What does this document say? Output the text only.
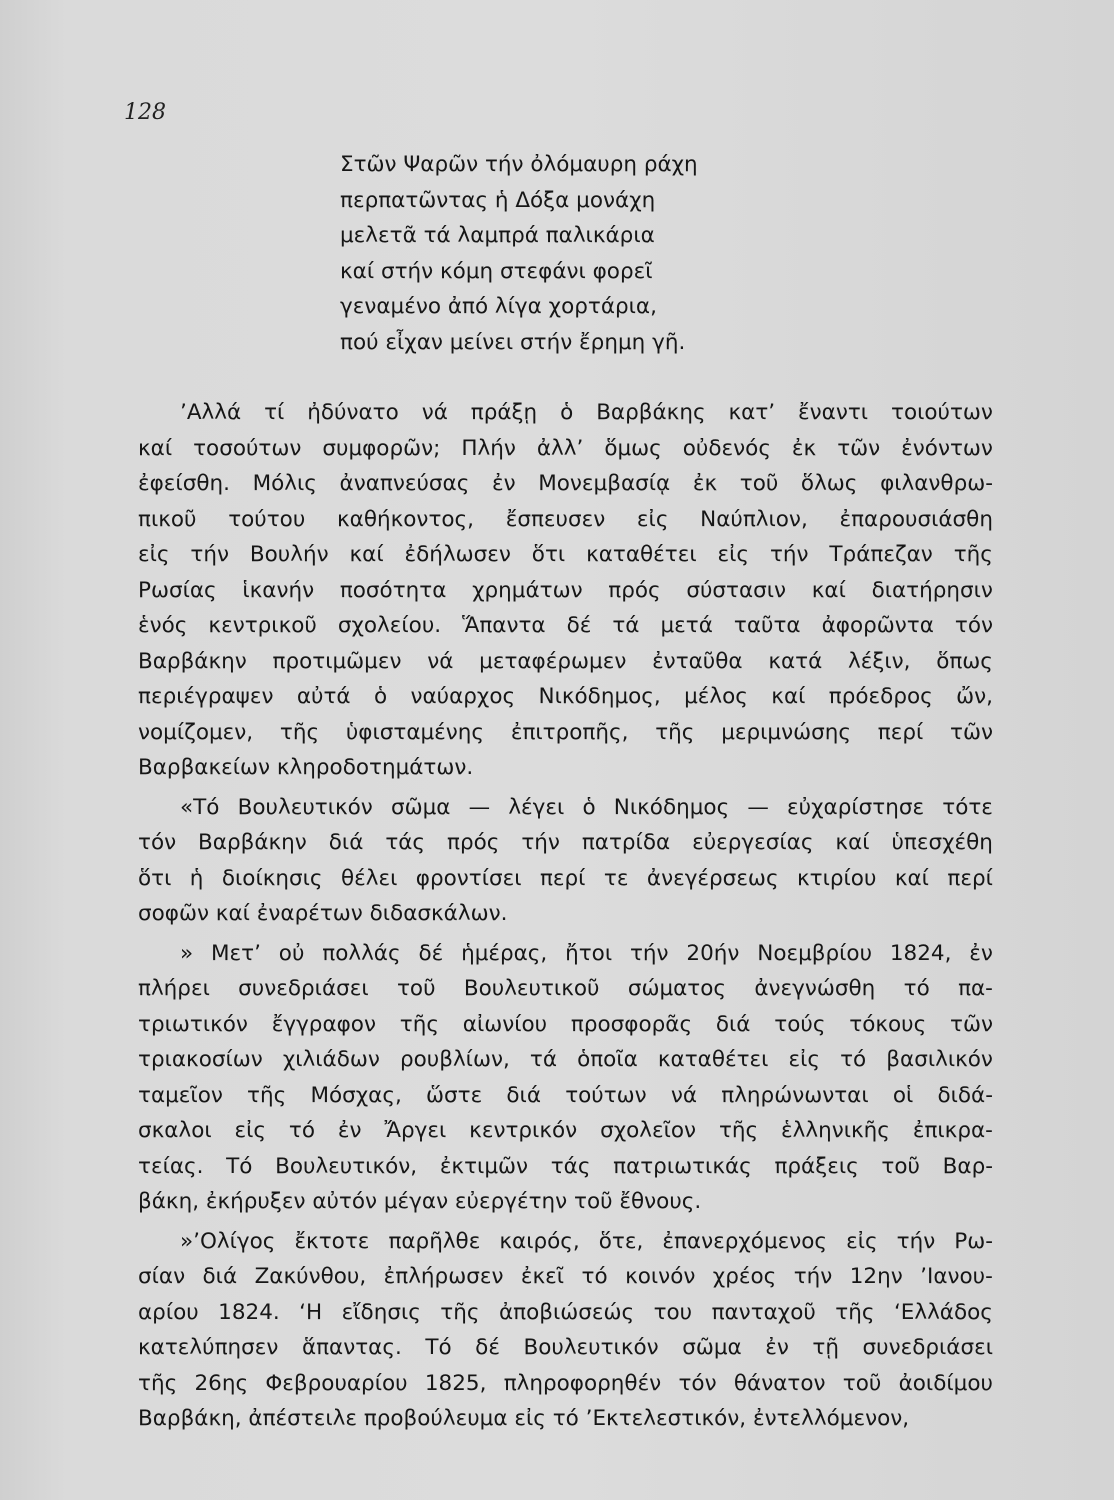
128
Στῶν Ψαρῶν τήν ὀλόμαυρη ράχη
περπατῶντας ἡ Δόξα μονάχη
μελετᾶ τά λαμπρά παλικάρια
καί στήν κόμη στεφάνι φορεῖ
γεναμένο ἀπό λίγα χορτάρια,
πού εἶχαν μείνει στήν ἔρημη γῆ.
’Αλλά τί ἠδύνατο νά πράξῃ ὁ Βαρβάκης κατ’ ἔναντι τοιούτων
καί τοσούτων συμφορῶν; Πλήν ἀλλ’ ὅμως οὐδενός ἐκ τῶν ἐνόντων
ἐφείσθη. Μόλις ἀναπνεύσας ἐν Μονεμβασίᾳ ἐκ τοῦ ὅλως φιλανθρω-
πικοῦ τούτου καθήκοντος, ἔσπευσεν εἰς Ναύπλιον, ἐπαρουσιάσθη
εἰς τήν Βουλήν καί ἐδήλωσεν ὅτι καταθέτει εἰς τήν Τράπεζαν τῆς
Ρωσίας ἱκανήν ποσότητα χρημάτων πρός σύστασιν καί διατήρησιν
ἑνός κεντρικοῦ σχολείου. Ἅπαντα δέ τά μετά ταῦτα ἀφορῶντα τόν
Βαρβάκην προτιμῶμεν νά μεταφέρωμεν ἐνταῦθα κατά λέξιν, ὅπως
περιέγραψεν αὐτά ὁ ναύαρχος Νικόδημος, μέλος καί πρόεδρος ὤν,
νομίζομεν, τῆς ὑφισταμένης ἐπιτροπῆς, τῆς μεριμνώσης περί τῶν
Βαρβακείων κληροδοτημάτων.
«Τό Βουλευτικόν σῶμα — λέγει ὁ Νικόδημος — εὐχαρίστησε τότε
τόν Βαρβάκην διά τάς πρός τήν πατρίδα εὐεργεσίας καί ὑπεσχέθη
ὅτι ἡ διοίκησις θέλει φροντίσει περί τε ἀνεγέρσεως κτιρίου καί περί
σοφῶν καί ἐναρέτων διδασκάλων.
» Μετ’ οὐ πολλάς δέ ἡμέρας, ἤτοι τήν 20ήν Νοεμβρίου 1824, ἐν
πλήρει συνεδριάσει τοῦ Βουλευτικοῦ σώματος ἀνεγνώσθη τό πα-
τριωτικόν ἔγγραφον τῆς αἰωνίου προσφορᾶς διά τούς τόκους τῶν
τριακοσίων χιλιάδων ρουβλίων, τά ὁποῖα καταθέτει εἰς τό βασιλικόν
ταμεῖον τῆς Μόσχας, ὥστε διά τούτων νά πληρώνωνται οἱ διδά-
σκαλοι εἰς τό ἐν Ἄργει κεντρικόν σχολεῖον τῆς ἑλληνικῆς ἐπικρα-
τείας. Τό Βουλευτικόν, ἐκτιμῶν τάς πατριωτικάς πράξεις τοῦ Βαρ-
βάκη, ἐκήρυξεν αὐτόν μέγαν εὐεργέτην τοῦ ἔθνους.
»’Ολίγος ἔκτοτε παρῆλθε καιρός, ὅτε, ἐπανερχόμενος εἰς τήν Ρω-
σίαν διά Ζακύνθου, ἐπλήρωσεν ἐκεῖ τό κοινόν χρέος τήν 12ην ’Ιανου-
αρίου 1824. ‘Η εἴδησις τῆς ἀποβιώσεώς του πανταχοῦ τῆς ‘Ελλάδος
κατελύπησεν ἅπαντας. Τό δέ Βουλευτικόν σῶμα ἐν τῇ συνεδριάσει
τῆς 26ης Φεβρουαρίου 1825, πληροφορηθέν τόν θάνατον τοῦ ἀοιδίμου
Βαρβάκη, ἀπέστειλε προβούλευμα εἰς τό ’Εκτελεστικόν, ἐντελλόμενον,
